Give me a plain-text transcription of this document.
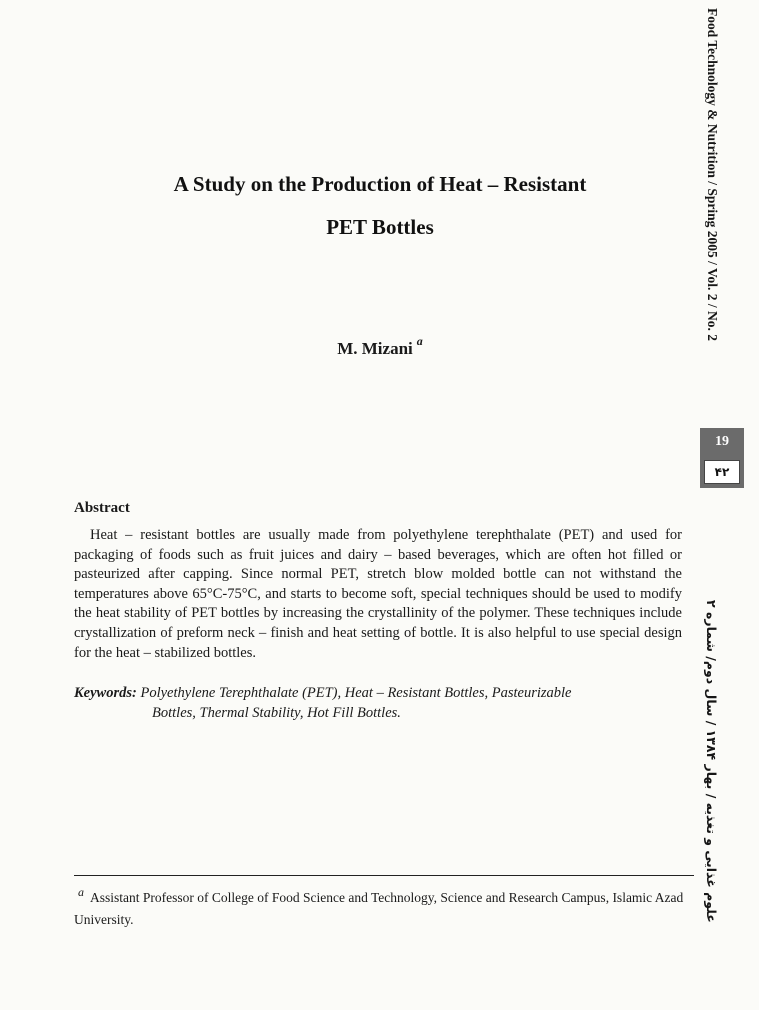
A Study on the Production of Heat – Resistant
PET Bottles
M. Mizani $^a$
Abstract

Heat – resistant bottles are usually made from polyethylene terephthalate (PET) and used for packaging of foods such as fruit juices and dairy – based beverages, which are often hot filled or pasteurized after capping. Since normal PET, stretch blow molded bottle can not withstand the temperatures above 65°C-75°C, and starts to become soft, special techniques should be used to modify the heat stability of PET bottles by increasing the crystallinity of the polymer. These techniques include crystallization of preform neck – finish and heat setting of bottle. It is also helpful to use special design for the heat – stabilized bottles.

Keywords: Polyethylene Terephthalate (PET), Heat – Resistant Bottles, Pasteurizable
Bottles, Thermal Stability, Hot Fill Bottles.

$^a$ Assistant Professor of College of Food Science and Technology, Science and Research Campus, Islamic Azad University.

Food Technology & Nutrition / Spring 2005 / Vol. 2 / No. 2
19
۴۲
علوم غذایی و تغذیه / بهار ۱۳۸۴ / سال دوم/ شماره ۲
